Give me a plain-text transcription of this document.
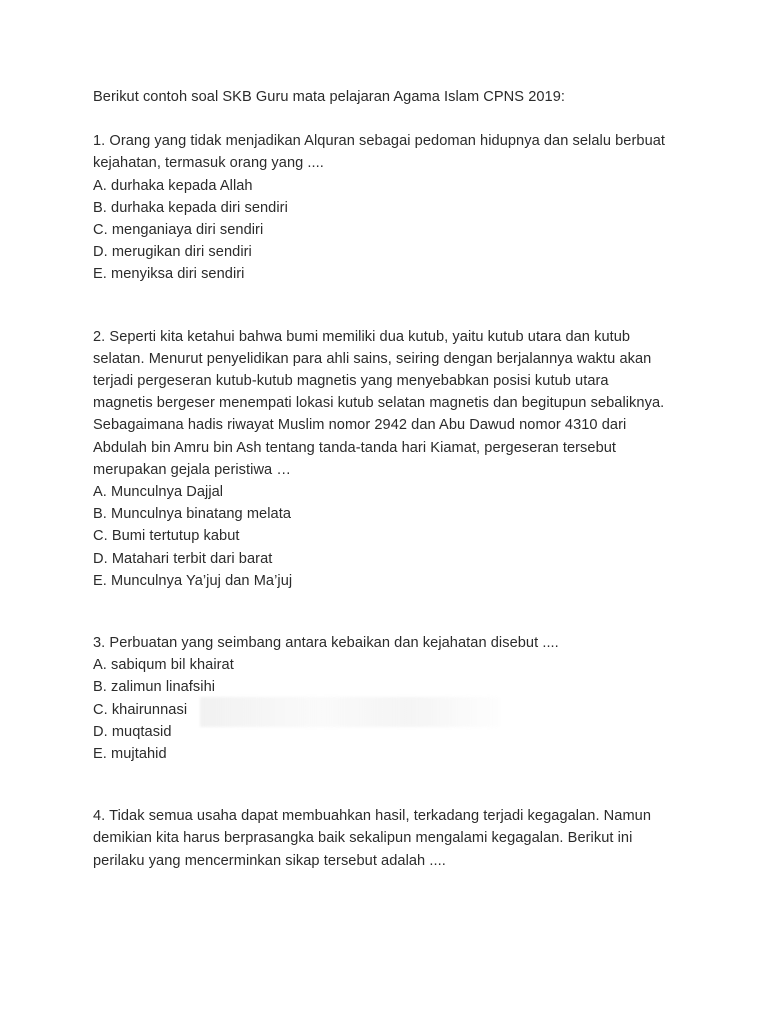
Berikut contoh soal SKB Guru mata pelajaran Agama Islam CPNS 2019:

1. Orang yang tidak menjadikan Alquran sebagai pedoman hidupnya dan selalu berbuat kejahatan, termasuk orang yang ....

A. durhaka kepada Allah
B. durhaka kepada diri sendiri
C. menganiaya diri sendiri
D. merugikan diri sendiri
E. menyiksa diri sendiri

2. Seperti kita ketahui bahwa bumi memiliki dua kutub, yaitu kutub utara dan kutub selatan. Menurut penyelidikan para ahli sains, seiring dengan berjalannya waktu akan terjadi pergeseran kutub-kutub magnetis yang menyebabkan posisi kutub utara magnetis bergeser menempati lokasi kutub selatan magnetis dan begitupun sebaliknya. Sebagaimana hadis riwayat Muslim nomor 2942 dan Abu Dawud nomor 4310 dari Abdulah bin Amru bin Ash tentang tanda-tanda hari Kiamat, pergeseran tersebut merupakan gejala peristiwa …

A. Munculnya Dajjal
B. Munculnya binatang melata
C. Bumi tertutup kabut
D. Matahari terbit dari barat
E. Munculnya Ya’juj dan Ma’juj

3. Perbuatan yang seimbang antara kebaikan dan kejahatan disebut ....

A. sabiqum bil khairat
B. zalimun linafsihi
C. khairunnasi
D. muqtasid
E. mujtahid

4. Tidak semua usaha dapat membuahkan hasil, terkadang terjadi kegagalan. Namun demikian kita harus berprasangka baik sekalipun mengalami kegagalan. Berikut ini perilaku yang mencerminkan sikap tersebut adalah ....
